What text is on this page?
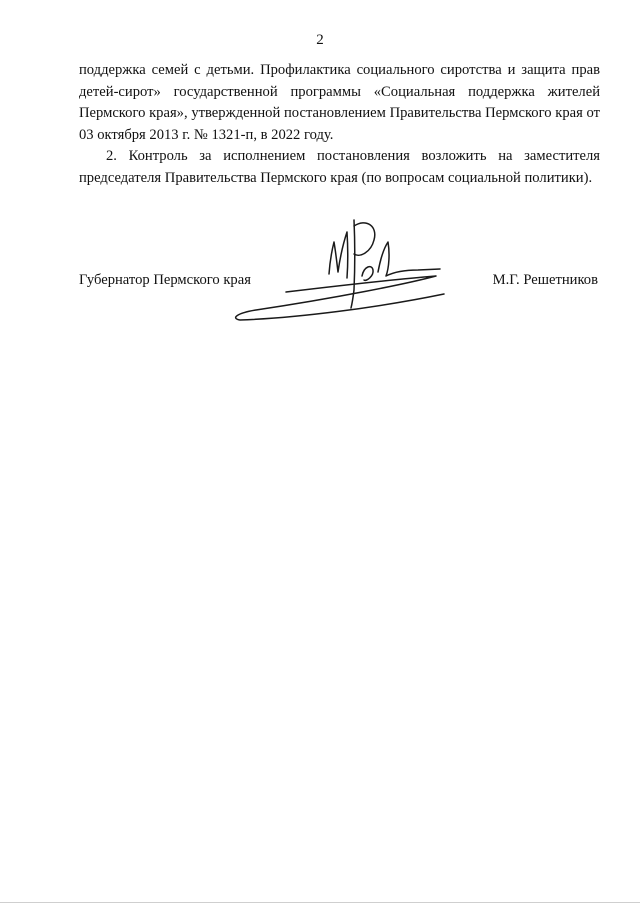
2

поддержка семей с детьми. Профилактика социального сиротства и защита прав детей-сирот» государственной программы «Социальная поддержка жителей Пермского края», утвержденной постановлением Правительства Пермского края от 03 октября 2013 г. № 1321-п, в 2022 году.

2. Контроль за исполнением постановления возложить на заместителя председателя Правительства Пермского края (по вопросам социальной политики).

Губернатор Пермского края	М.Г. Решетников
